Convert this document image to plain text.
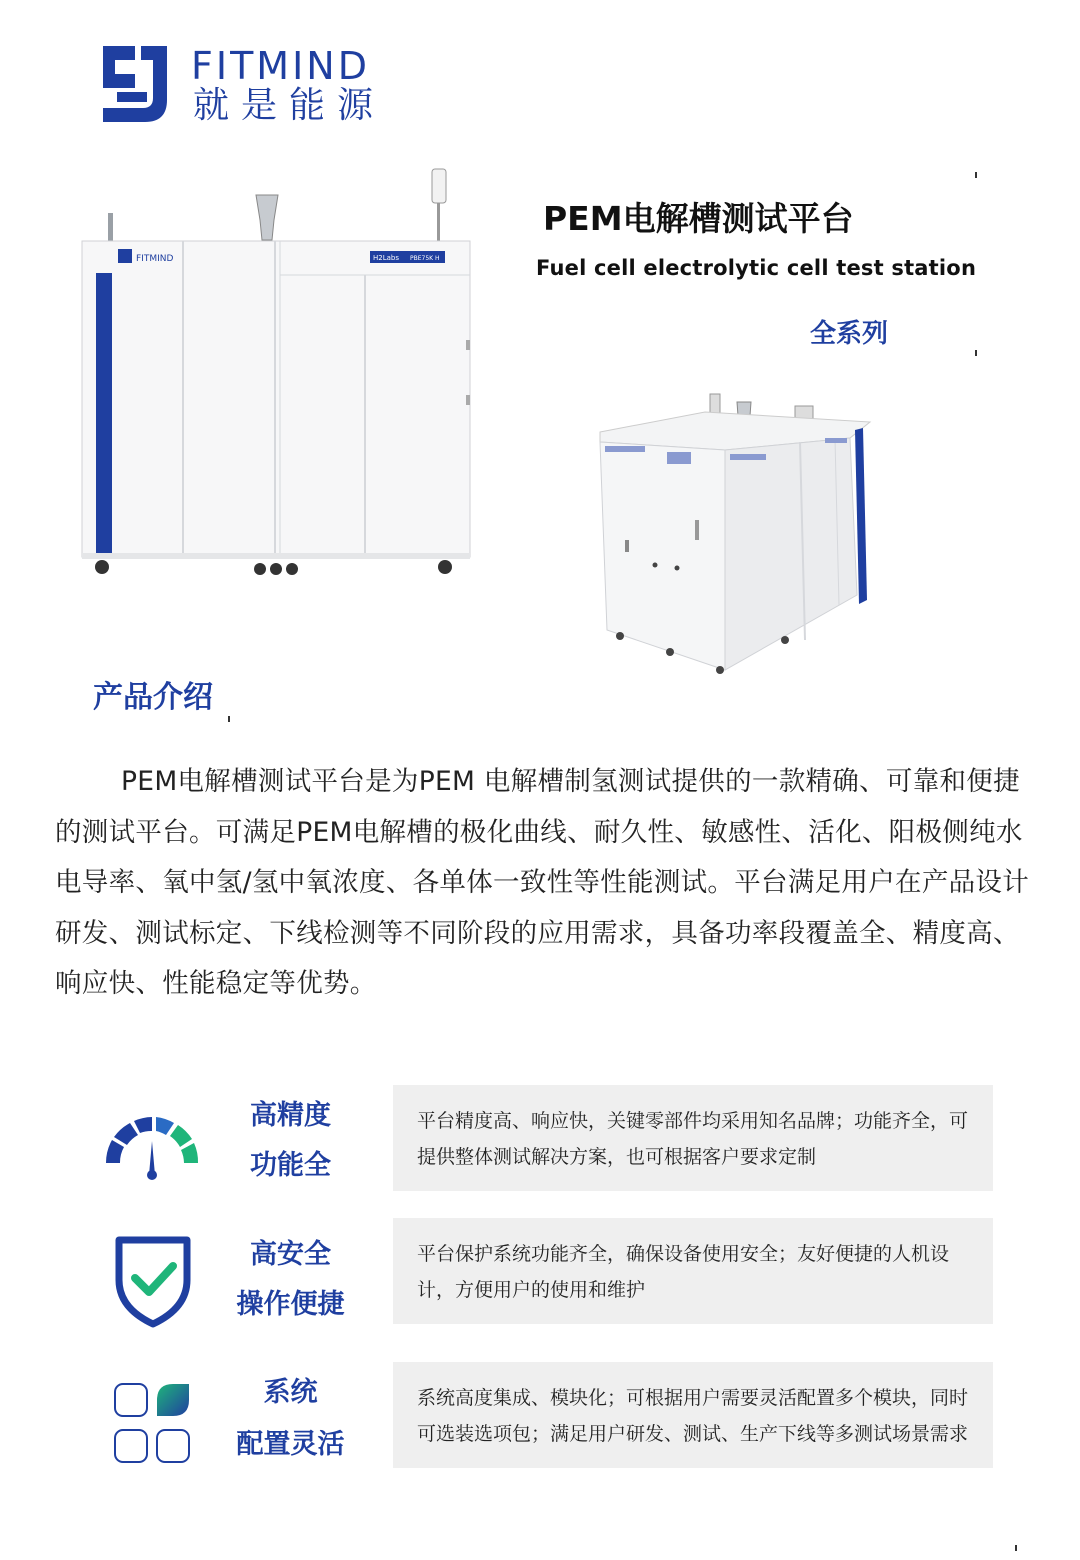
FITMIND
就是能源
FITMIND	H2Labs PBE75K H
PEM电解槽测试平台
Fuel cell electrolytic cell test station
全系列
产品介绍

PEM电解槽测试平台是为PEM 电解槽制氢测试提供的一款精确、可靠和便捷的测试平台。可满足PEM电解槽的极化曲线、耐久性、敏感性、活化、阳极侧纯水电导率、氧中氢/氢中氧浓度、各单体一致性等性能测试。平台满足用户在产品设计研发、测试标定、下线检测等不同阶段的应用需求，具备功率段覆盖全、精度高、响应快、性能稳定等优势。

高精度
功能全
平台精度高、响应快，关键零部件均采用知名品牌；功能齐全，可提供整体测试解决方案，也可根据客户要求定制
高安全
操作便捷
平台保护系统功能齐全，确保设备使用安全；友好便捷的人机设计，方便用户的使用和维护
系统
配置灵活
系统高度集成、模块化；可根据用户需要灵活配置多个模块，同时可选装选项包；满足用户研发、测试、生产下线等多测试场景需求
